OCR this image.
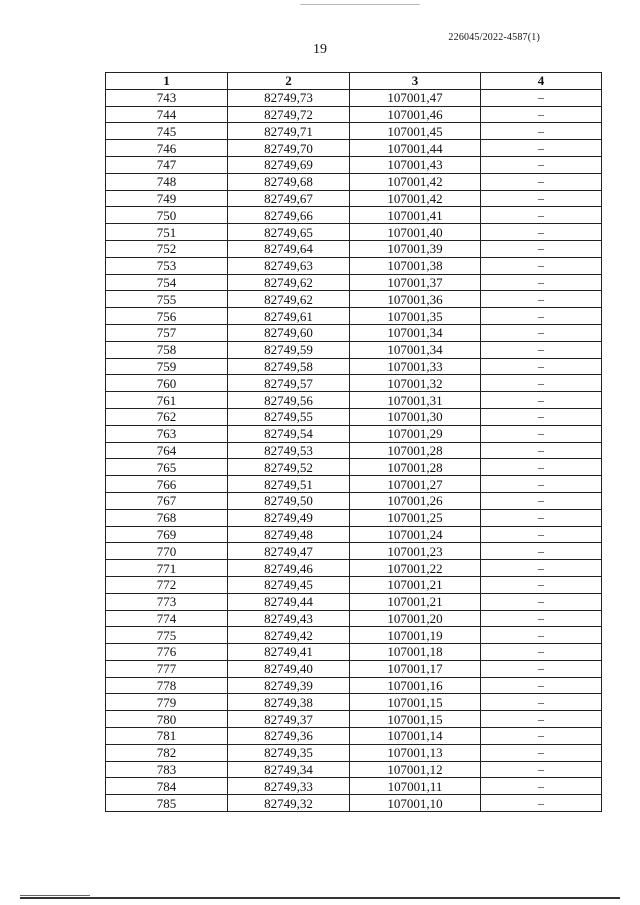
226045/2022-4587(1)
19
1	2	3	4
743	82749,73	107001,47	–
744	82749,72	107001,46	–
745	82749,71	107001,45	–
746	82749,70	107001,44	–
747	82749,69	107001,43	–
748	82749,68	107001,42	–
749	82749,67	107001,42	–
750	82749,66	107001,41	–
751	82749,65	107001,40	–
752	82749,64	107001,39	–
753	82749,63	107001,38	–
754	82749,62	107001,37	–
755	82749,62	107001,36	–
756	82749,61	107001,35	–
757	82749,60	107001,34	–
758	82749,59	107001,34	–
759	82749,58	107001,33	–
760	82749,57	107001,32	–
761	82749,56	107001,31	–
762	82749,55	107001,30	–
763	82749,54	107001,29	–
764	82749,53	107001,28	–
765	82749,52	107001,28	–
766	82749,51	107001,27	–
767	82749,50	107001,26	–
768	82749,49	107001,25	–
769	82749,48	107001,24	–
770	82749,47	107001,23	–
771	82749,46	107001,22	–
772	82749,45	107001,21	–
773	82749,44	107001,21	–
774	82749,43	107001,20	–
775	82749,42	107001,19	–
776	82749,41	107001,18	–
777	82749,40	107001,17	–
778	82749,39	107001,16	–
779	82749,38	107001,15	–
780	82749,37	107001,15	–
781	82749,36	107001,14	–
782	82749,35	107001,13	–
783	82749,34	107001,12	–
784	82749,33	107001,11	–
785	82749,32	107001,10	–
